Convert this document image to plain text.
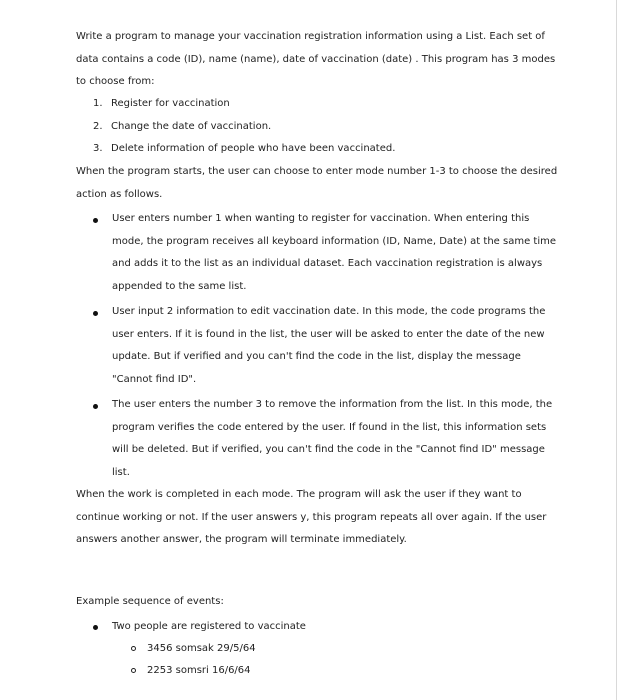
Write a program to manage your vaccination registration information using a List. Each set of
data contains a code (ID), name (name), date of vaccination (date) . This program has 3 modes
to choose from:
1. Register for vaccination
2. Change the date of vaccination.
3. Delete information of people who have been vaccinated.
When the program starts, the user can choose to enter mode number 1-3 to choose the desired
action as follows.
User enters number 1 when wanting to register for vaccination. When entering this
mode, the program receives all keyboard information (ID, Name, Date) at the same time
and adds it to the list as an individual dataset. Each vaccination registration is always
appended to the same list.
User input 2 information to edit vaccination date. In this mode, the code programs the
user enters. If it is found in the list, the user will be asked to enter the date of the new
update. But if verified and you can't find the code in the list, display the message
"Cannot find ID".
The user enters the number 3 to remove the information from the list. In this mode, the
program verifies the code entered by the user. If found in the list, this information sets
will be deleted. But if verified, you can't find the code in the "Cannot find ID" message
list.
When the work is completed in each mode. The program will ask the user if they want to
continue working or not. If the user answers y, this program repeats all over again. If the user
answers another answer, the program will terminate immediately.
Example sequence of events:
Two people are registered to vaccinate
3456 somsak 29/5/64
2253 somsri 16/6/64
